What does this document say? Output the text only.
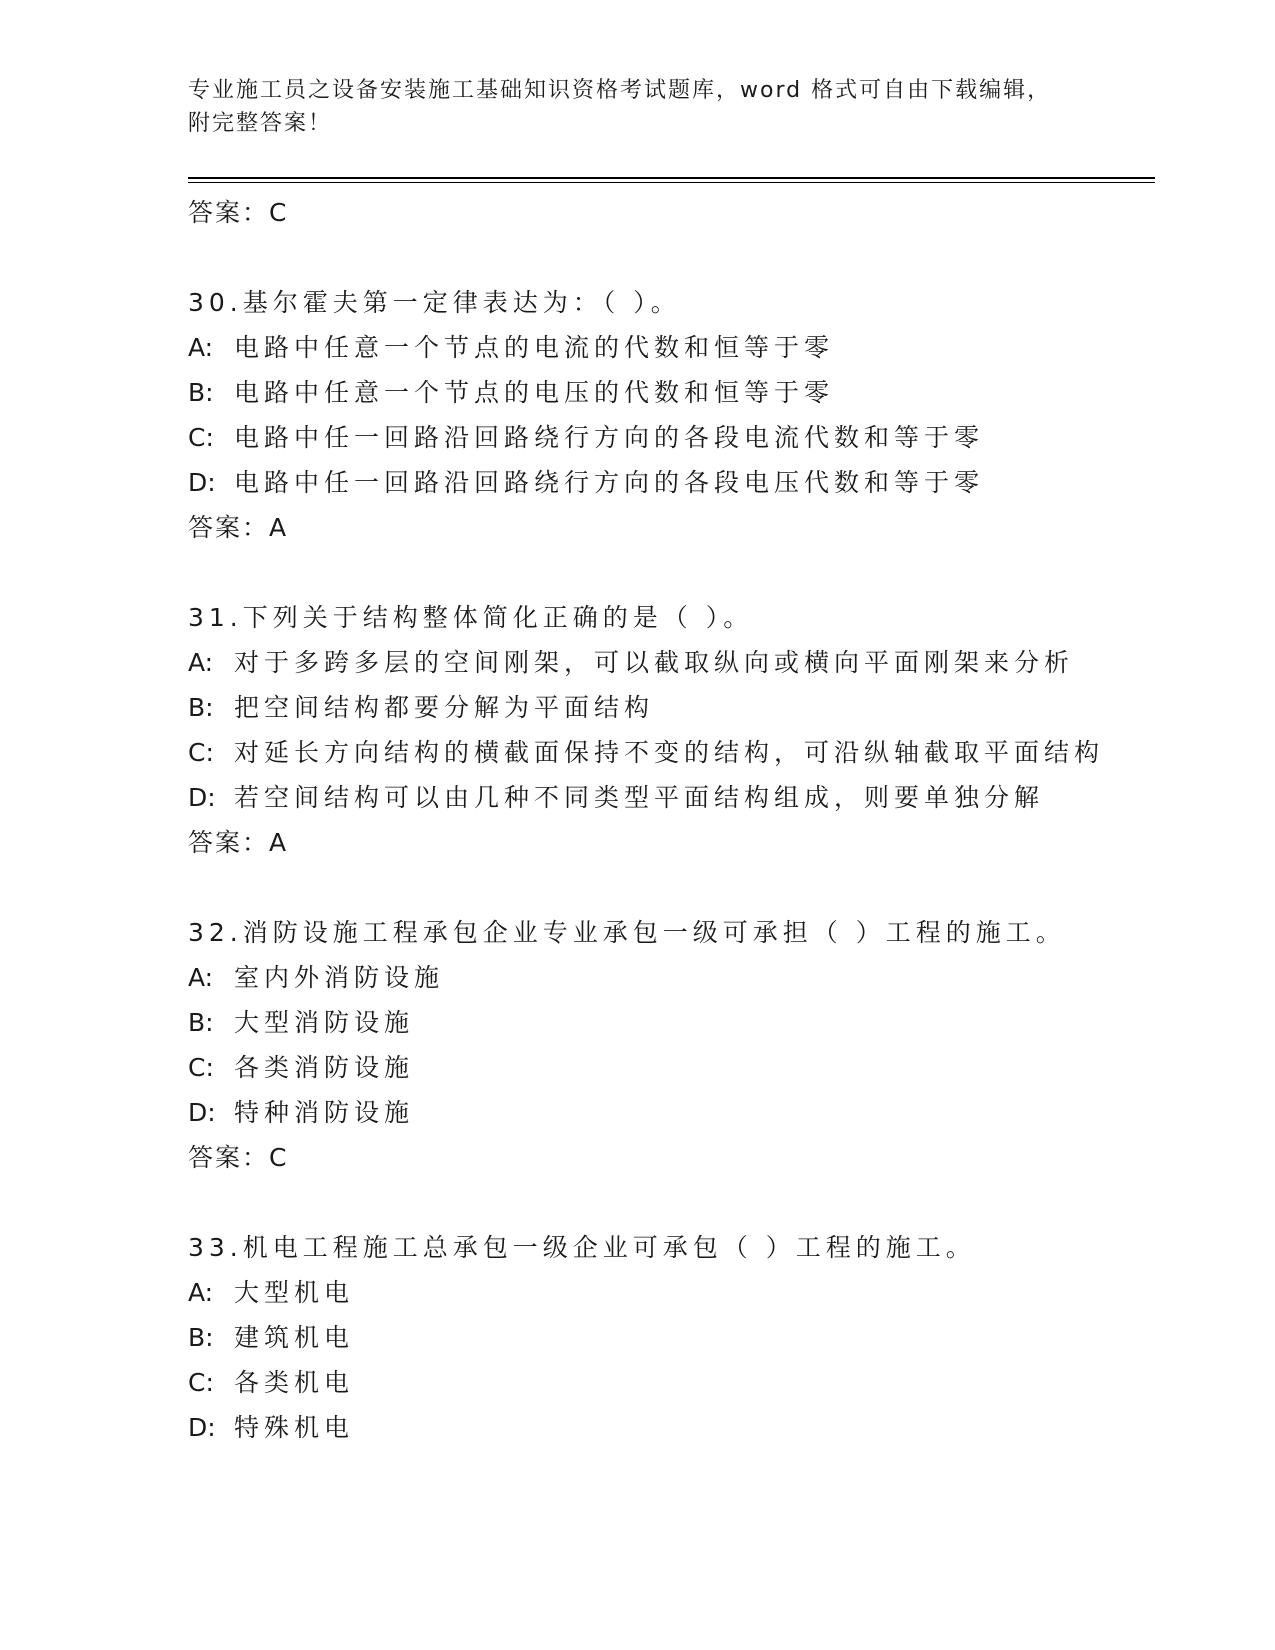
专业施工员之设备安装施工基础知识资格考试题库，word 格式可自由下载编辑，
附完整答案！
答案：C
30.基尔霍夫第一定律表达为：（ ）。
A: 电路中任意一个节点的电流的代数和恒等于零
B: 电路中任意一个节点的电压的代数和恒等于零
C: 电路中任一回路沿回路绕行方向的各段电流代数和等于零
D: 电路中任一回路沿回路绕行方向的各段电压代数和等于零
答案：A
31.下列关于结构整体简化正确的是（ ）。
A: 对于多跨多层的空间刚架，可以截取纵向或横向平面刚架来分析
B: 把空间结构都要分解为平面结构
C: 对延长方向结构的横截面保持不变的结构，可沿纵轴截取平面结构
D: 若空间结构可以由几种不同类型平面结构组成，则要单独分解
答案：A
32.消防设施工程承包企业专业承包一级可承担（ ）工程的施工。
A: 室内外消防设施
B: 大型消防设施
C: 各类消防设施
D: 特种消防设施
答案：C
33.机电工程施工总承包一级企业可承包（ ）工程的施工。
A: 大型机电
B: 建筑机电
C: 各类机电
D: 特殊机电
